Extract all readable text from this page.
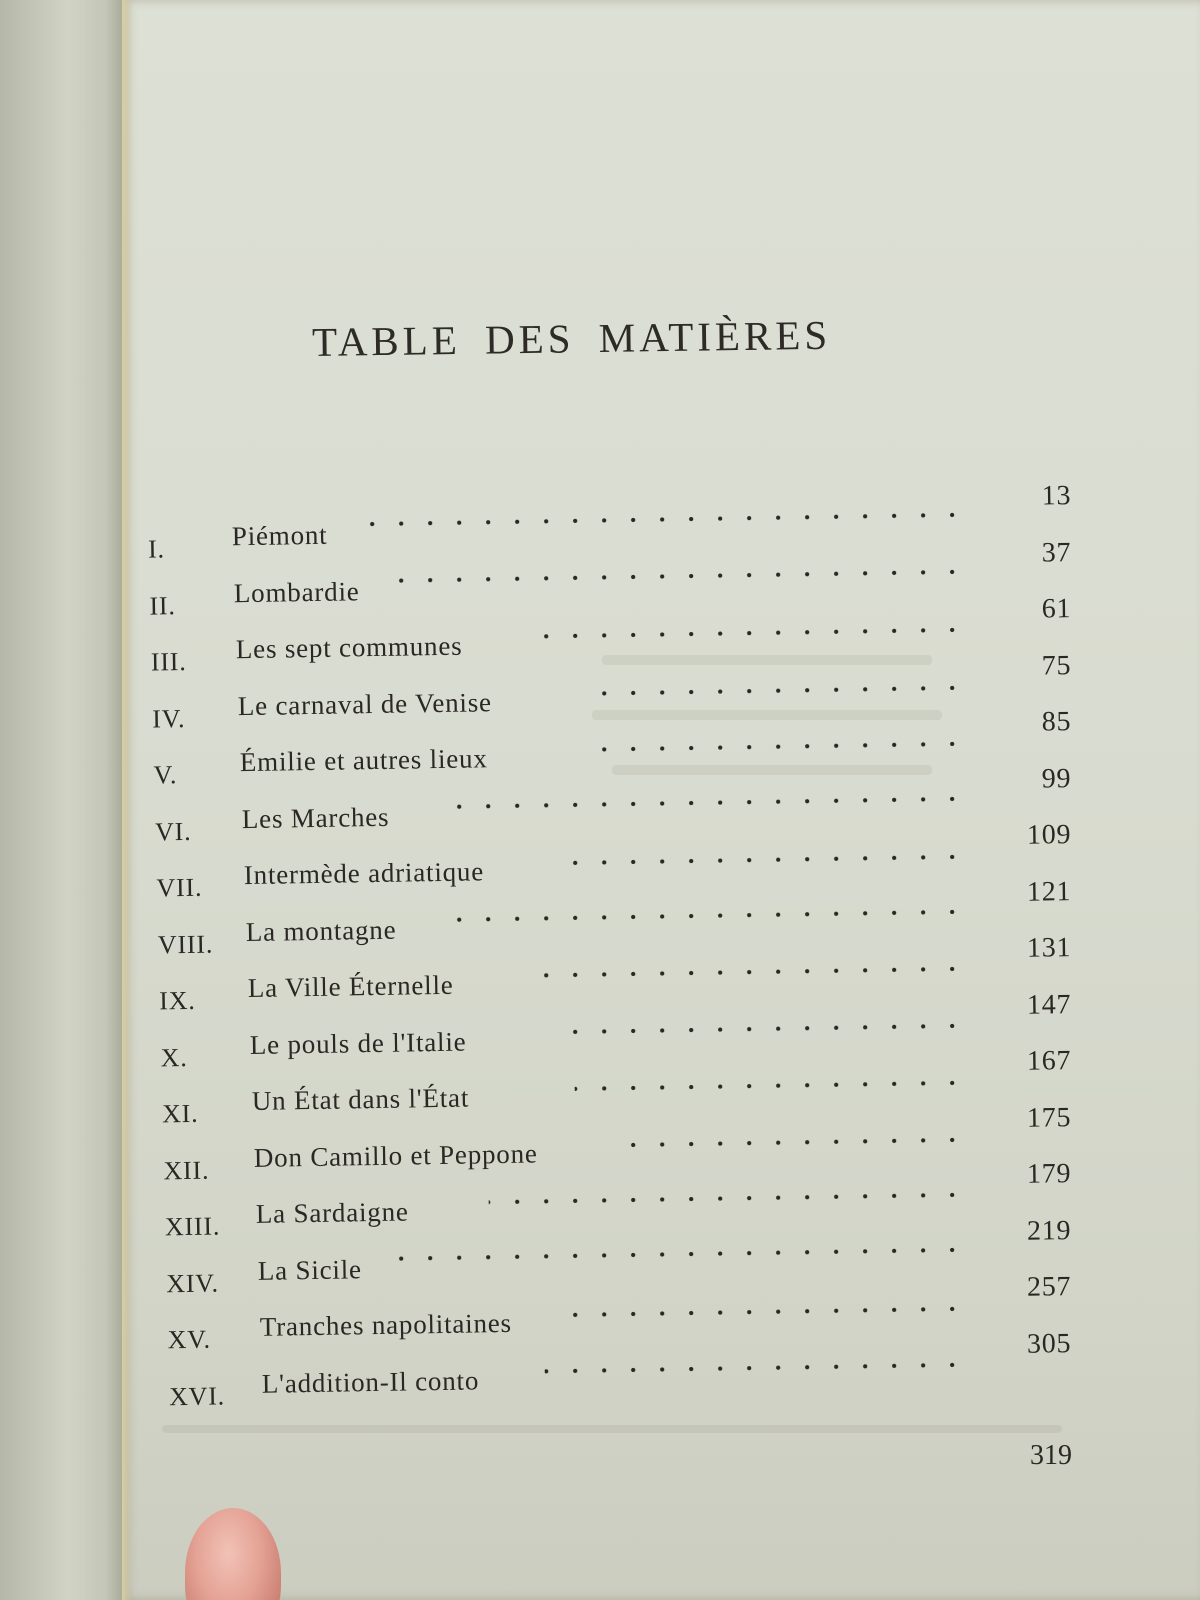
TABLE DES MATIÈRES
I. Piémont
13
II. Lombardie
37
III. Les sept communes
61
IV. Le carnaval de Venise
75
V. Émilie et autres lieux
85
VI. Les Marches
99
VII. Intermède adriatique
109
VIII. La montagne
121
IX. La Ville Éternelle
131
X. Le pouls de l'Italie
147
XI. Un État dans l'État
167
XII. Don Camillo et Peppone
175
XIII. La Sardaigne
179
XIV. La Sicile
219
XV. Tranches napolitaines
257
XVI. L'addition-Il conto
305
319
